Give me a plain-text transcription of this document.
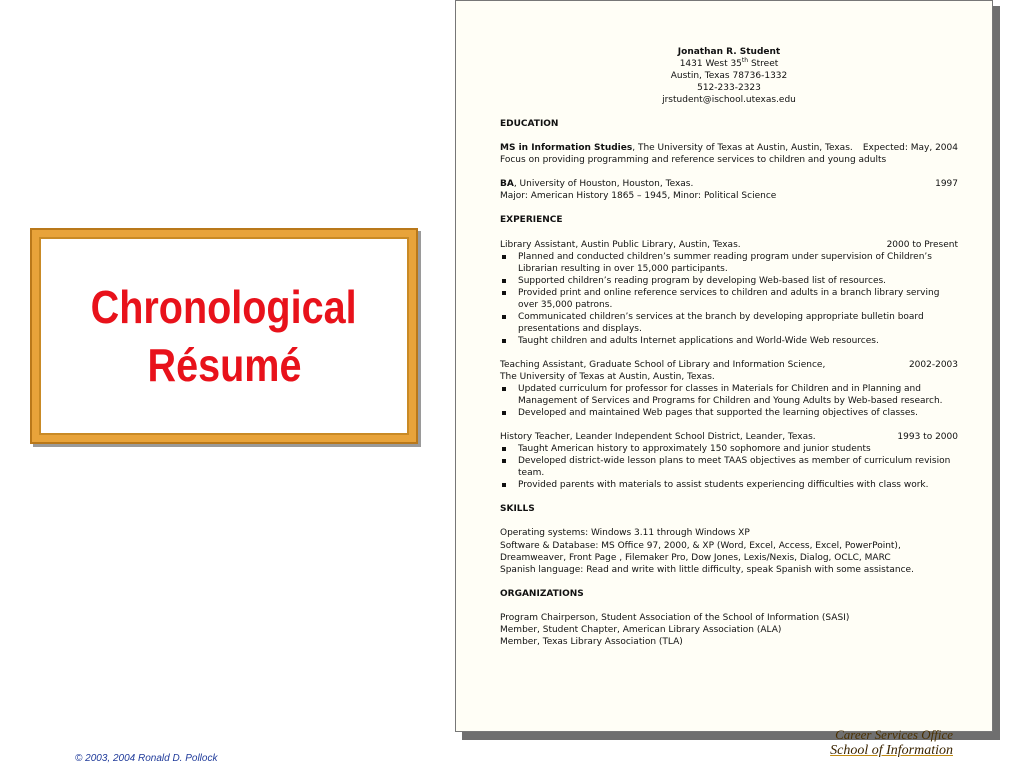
Chronological
Résumé
Jonathan R. Student
1431 West 35th Street
Austin, Texas 78736-1332
512-233-2323
jrstudent@ischool.utexas.edu
EDUCATION
MS in Information Studies, The University of Texas at Austin, Austin, Texas. Expected: May, 2004
Focus on providing programming and reference services to children and young adults
BA, University of Houston, Houston, Texas.	1997
Major: American History 1865 – 1945, Minor: Political Science
EXPERIENCE
Library Assistant, Austin Public Library, Austin, Texas.	2000 to Present
Planned and conducted children’s summer reading program under supervision of Children’s Librarian resulting in over 15,000 participants.
Supported children’s reading program by developing Web-based list of resources.
Provided print and online reference services to children and adults in a branch library serving over 35,000 patrons.
Communicated children’s services at the branch by developing appropriate bulletin board presentations and displays.
Taught children and adults Internet applications and World-Wide Web resources.
Teaching Assistant, Graduate School of Library and Information Science,	2002-2003
The University of Texas at Austin, Austin, Texas.
Updated curriculum for professor for classes in Materials for Children and in Planning and Management of Services and Programs for Children and Young Adults by Web-based research.
Developed and maintained Web pages that supported the learning objectives of classes.
History Teacher, Leander Independent School District, Leander, Texas.	1993 to 2000
Taught American history to approximately 150 sophomore and junior students
Developed district-wide lesson plans to meet TAAS objectives as member of curriculum revision team.
Provided parents with materials to assist students experiencing difficulties with class work.
SKILLS
Operating systems: Windows 3.11 through Windows XP
Software & Database: MS Office 97, 2000, & XP (Word, Excel, Access, Excel, PowerPoint),
Dreamweaver, Front Page , Filemaker Pro, Dow Jones, Lexis/Nexis, Dialog, OCLC, MARC
Spanish language: Read and write with little difficulty, speak Spanish with some assistance.
ORGANIZATIONS
Program Chairperson, Student Association of the School of Information (SASI)
Member, Student Chapter, American Library Association (ALA)
Member, Texas Library Association (TLA)
© 2003, 2004 Ronald D. Pollock
Career Services Office
School of Information
